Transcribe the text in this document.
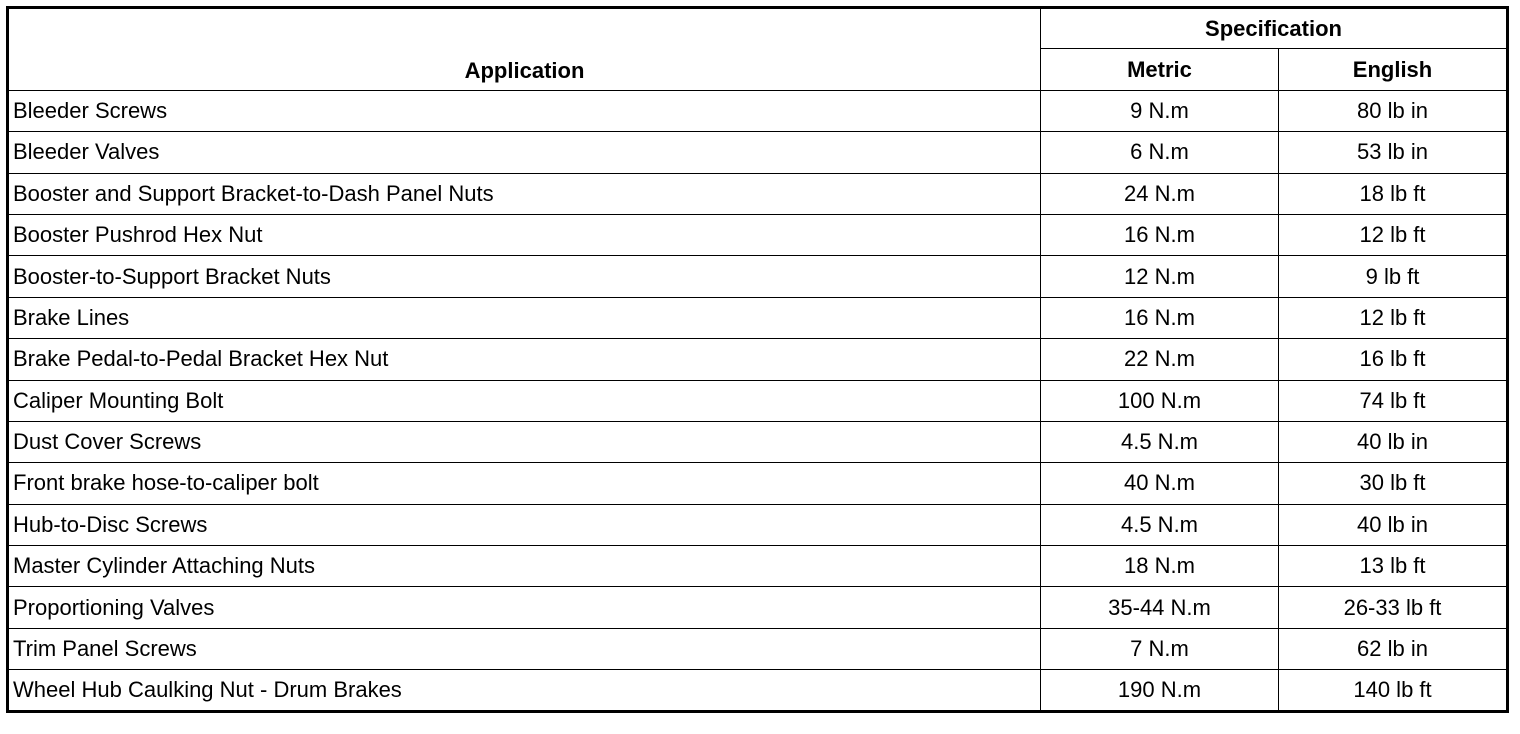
Application	Specification	
	Metric	English
Bleeder Screws	9 N.m	80 lb in
Bleeder Valves	6 N.m	53 lb in
Booster and Support Bracket-to-Dash Panel Nuts	24 N.m	18 lb ft
Booster Pushrod Hex Nut	16 N.m	12 lb ft
Booster-to-Support Bracket Nuts	12 N.m	9 lb ft
Brake Lines	16 N.m	12 lb ft
Brake Pedal-to-Pedal Bracket Hex Nut	22 N.m	16 lb ft
Caliper Mounting Bolt	100 N.m	74 lb ft
Dust Cover Screws	4.5 N.m	40 lb in
Front brake hose-to-caliper bolt	40 N.m	30 lb ft
Hub-to-Disc Screws	4.5 N.m	40 lb in
Master Cylinder Attaching Nuts	18 N.m	13 lb ft
Proportioning Valves	35-44 N.m	26-33 lb ft
Trim Panel Screws	7 N.m	62 lb in
Wheel Hub Caulking Nut - Drum Brakes	190 N.m	140 lb ft
